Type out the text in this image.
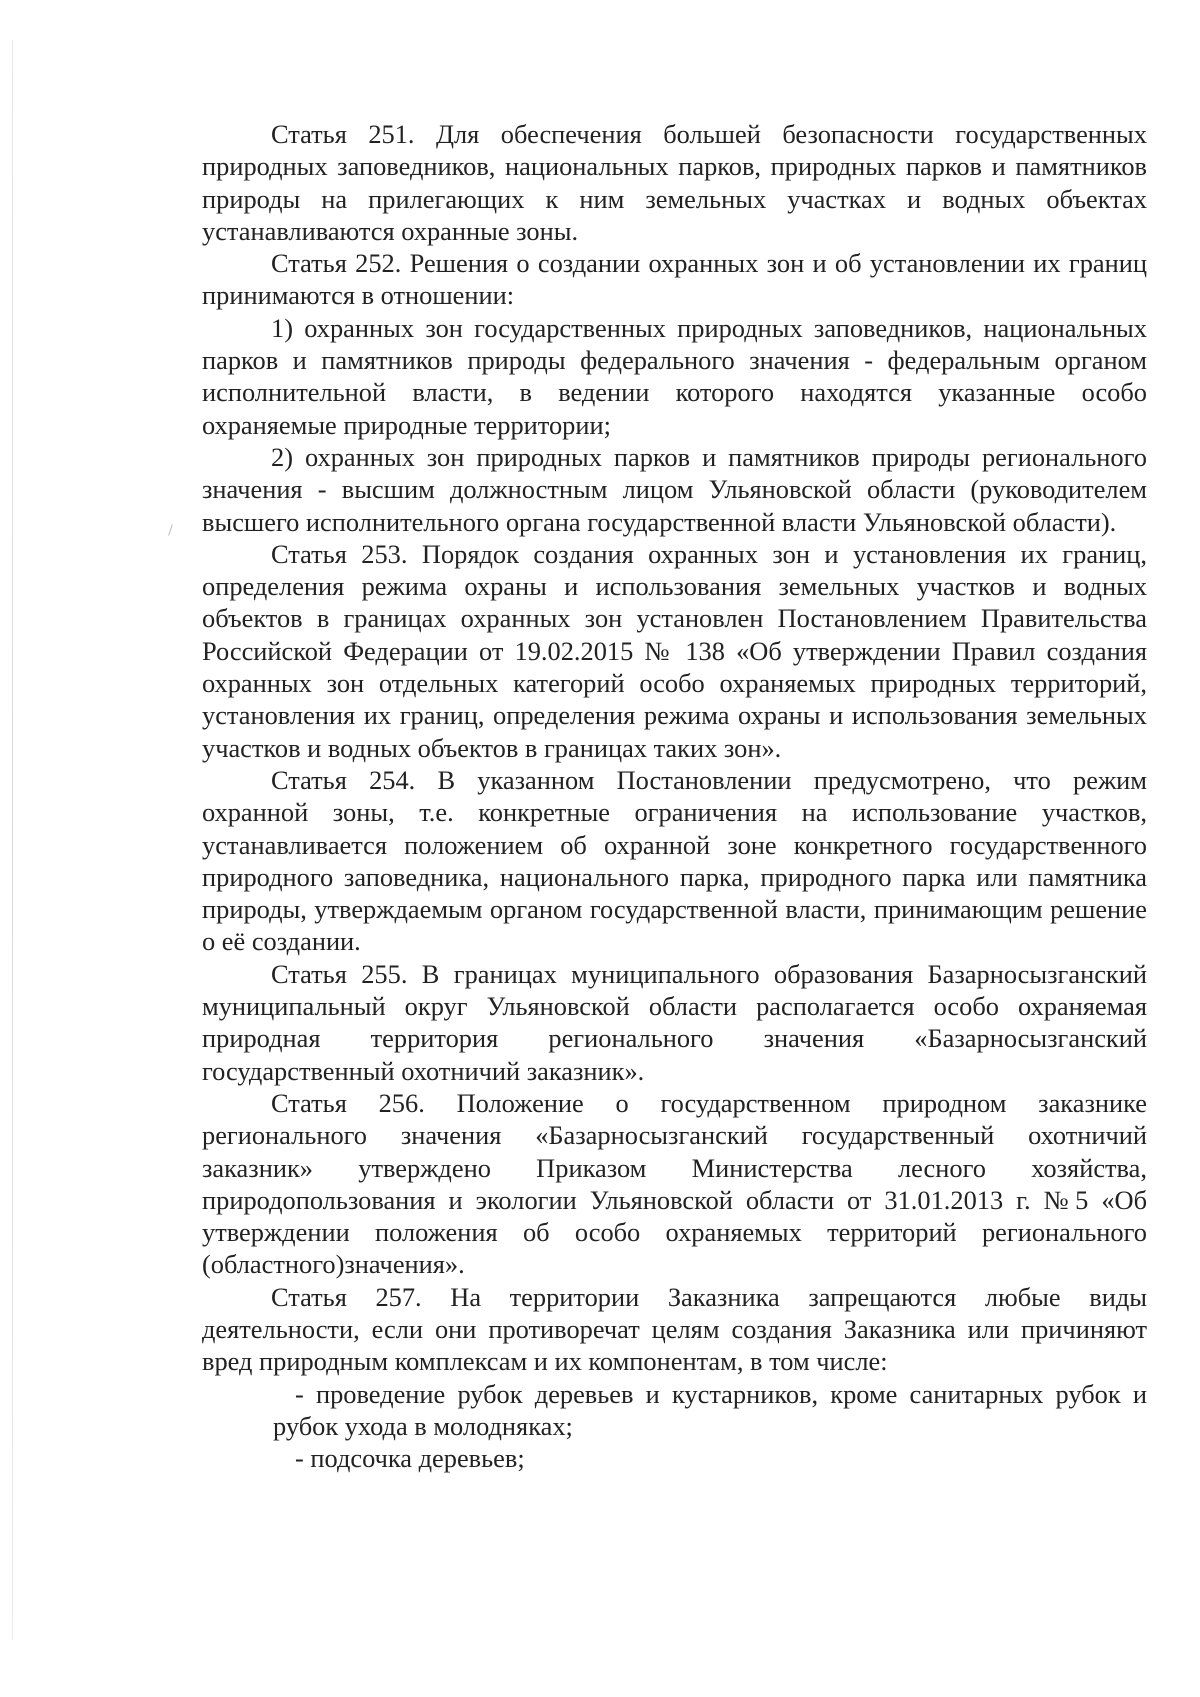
Статья 251. Для обеспечения большей безопасности государственных природных заповедников, национальных парков, природных парков и памятников природы на прилегающих к ним земельных участках и водных объектах устанавливаются охранные зоны.

Статья 252. Решения о создании охранных зон и об установлении их границ принимаются в отношении:

1) охранных зон государственных природных заповедников, национальных парков и памятников природы федерального значения - федеральным органом исполнительной власти, в ведении которого находятся указанные особо охраняемые природные территории;

2) охранных зон природных парков и памятников природы регионального значения - высшим должностным лицом Ульяновской области (руководителем высшего исполнительного органа государственной власти Ульяновской области).

Статья 253. Порядок создания охранных зон и установления их границ, определения режима охраны и использования земельных участков и водных объектов в границах охранных зон установлен Постановлением Правительства Российской Федерации от 19.02.2015 № 138 «Об утверждении Правил создания охранных зон отдельных категорий особо охраняемых природных территорий, установления их границ, определения режима охраны и использования земельных участков и водных объектов в границах таких зон».

Статья 254. В указанном Постановлении предусмотрено, что режим охранной зоны, т.е. конкретные ограничения на использование участков, устанавливается положением об охранной зоне конкретного государственного природного заповедника, национального парка, природного парка или памятника природы, утверждаемым органом государственной власти, принимающим решение о её создании.

Статья 255. В границах муниципального образования Базарносызганский муниципальный округ Ульяновской области располагается особо охраняемая природная территория регионального значения «Базарносызганский государственный охотничий заказник».

Статья 256. Положение о государственном природном заказнике регионального значения «Базарносызганский государственный охотничий заказник» утверждено Приказом Министерства лесного хозяйства, природопользования и экологии Ульяновской области от 31.01.2013 г. №5 «Об утверждении положения об особо охраняемых территорий регионального (областного)значения».

Статья 257. На территории Заказника запрещаются любые виды деятельности, если они противоречат целям создания Заказника или причиняют вред природным комплексам и их компонентам, в том числе:

- проведение рубок деревьев и кустарников, кроме санитарных рубок и рубок ухода в молодняках;

- подсочка деревьев;
